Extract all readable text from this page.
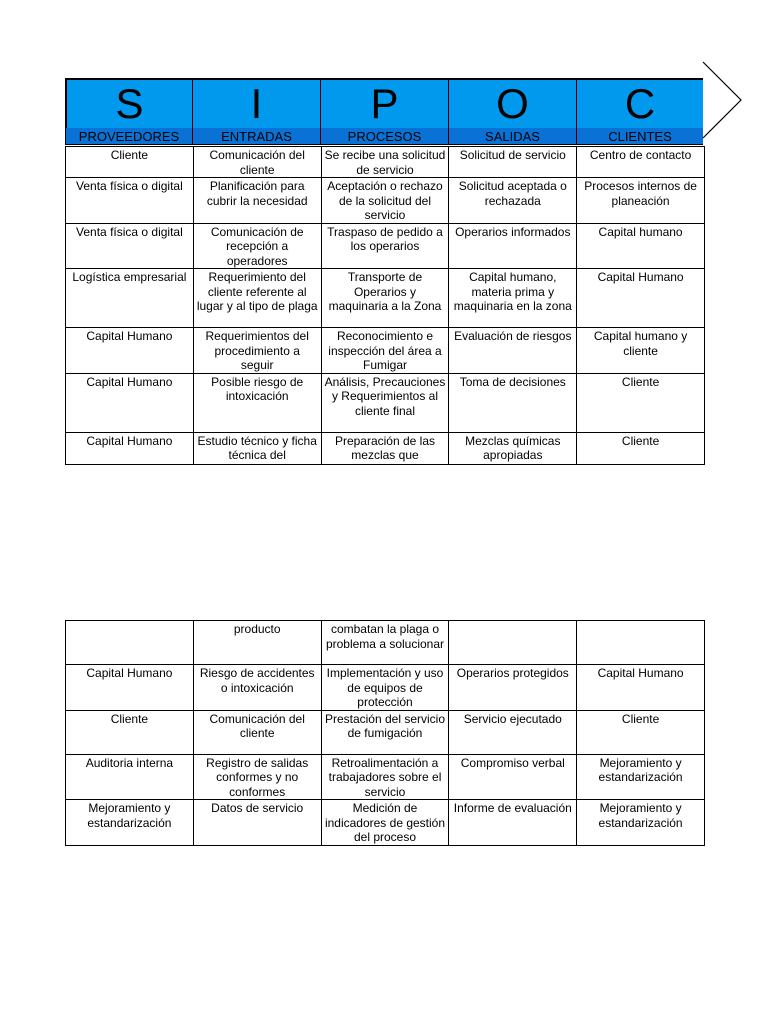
S	I	P	O	C
PROVEEDORES	ENTRADAS	PROCESOS	SALIDAS	CLIENTES
Cliente	Comunicación del cliente	Se recibe una solicitud de servicio	Solicitud de servicio	Centro de contacto
Venta física o digital	Planificación para cubrir la necesidad	Aceptación o rechazo de la solicitud del servicio	Solicitud aceptada o rechazada	Procesos internos de planeación
Venta física o digital	Comunicación de recepción a operadores	Traspaso de pedido a los operarios	Operarios informados	Capital humano
Logística empresarial	Requerimiento del cliente referente al lugar y al tipo de plaga	Transporte de Operarios y maquinaria a la Zona	Capital humano, materia prima y maquinaria en la zona	Capital Humano
Capital Humano	Requerimientos del procedimiento a seguir	Reconocimiento e inspección del área a Fumigar	Evaluación de riesgos	Capital humano y cliente
Capital Humano	Posible riesgo de intoxicación	Análisis, Precauciones y Requerimientos al cliente final	Toma de decisiones	Cliente
Capital Humano	Estudio técnico y ficha técnica del	Preparación de las mezclas que	Mezclas químicas apropiadas	Cliente
	producto	combatan la plaga o problema a solucionar		
Capital Humano	Riesgo de accidentes o intoxicación	Implementación y uso de equipos de protección	Operarios protegidos	Capital Humano
Cliente	Comunicación del cliente	Prestación del servicio de fumigación	Servicio ejecutado	Cliente
Auditoria interna	Registro de salidas conformes y no conformes	Retroalimentación a trabajadores sobre el servicio	Compromiso verbal	Mejoramiento y estandarización
Mejoramiento y estandarización	Datos de servicio	Medición de indicadores de gestión del proceso	Informe de evaluación	Mejoramiento y estandarización
